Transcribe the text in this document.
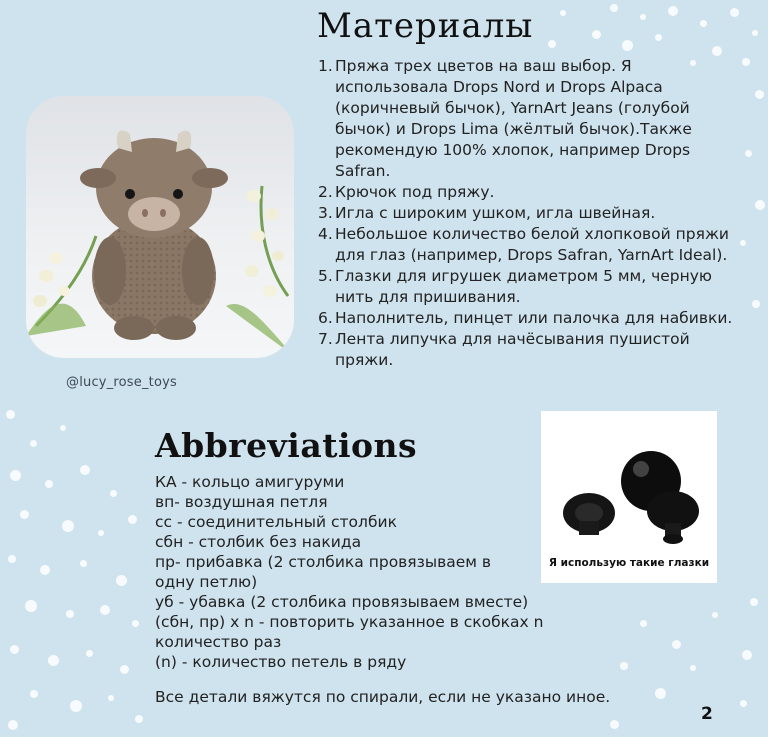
@lucy_rose_toys
Материалы
1. Пряжа трех цветов на ваш выбор. Я использовала Drops Nord и Drops Alpaca (коричневый бычок), YarnArt Jeans (голубой бычок) и Drops Lima (жёлтый бычок).Также рекомендую 100% хлопок, например Drops Safran.
2. Крючок под пряжу.
3. Игла с широким ушком, игла швейная.
4. Небольшое количество белой хлопковой пряжи для глаз (например, Drops Safran, YarnArt Ideal).
5. Глазки для игрушек диаметром 5 мм, черную нить для пришивания.
6. Наполнитель, пинцет или палочка для набивки.
7. Лента липучка для начёсывания пушистой пряжи.
Я использую такие глазки
Abbreviations
КА - кольцо амигуруми
вп- воздушная петля
сс - соединительный столбик
сбн - столбик без накида
пр- прибавка (2 столбика провязываем в одну петлю)
уб - убавка (2 столбика провязываем вместе)
(сбн, пр) х n - повторить указанное в скобках n количество раз
(n) - количество петель в ряду

Все детали вяжутся по спирали, если не указано иное.

2
